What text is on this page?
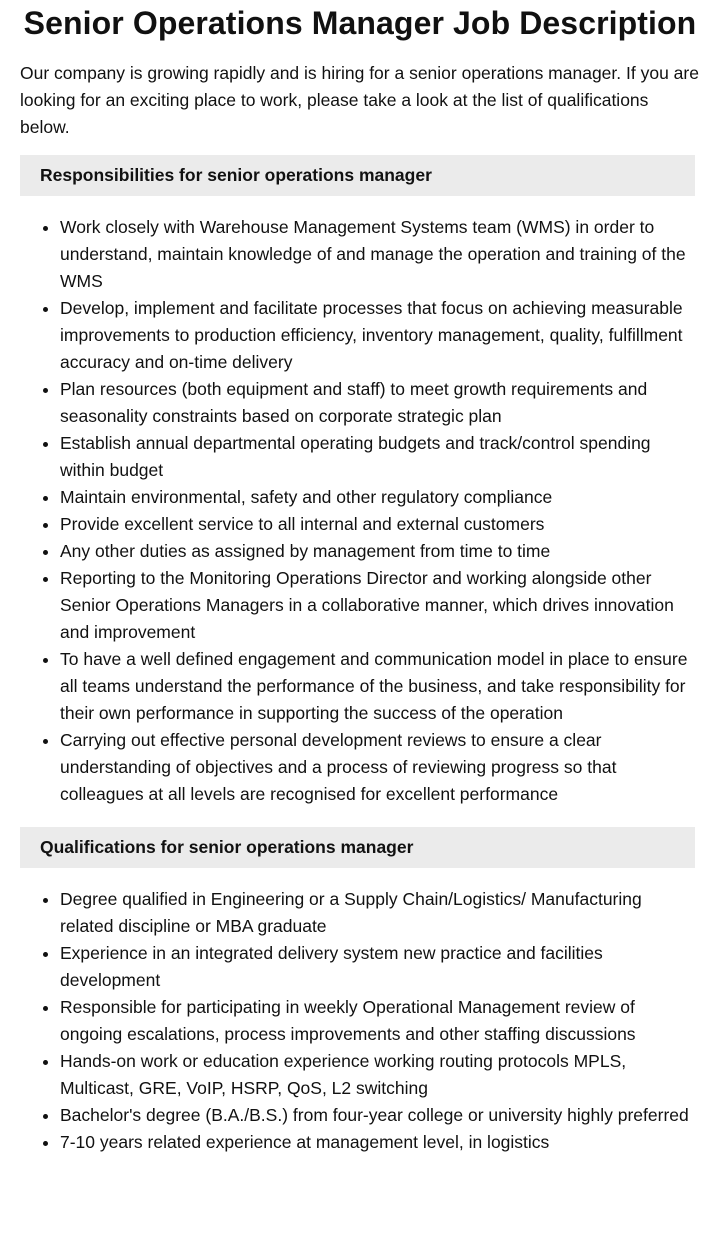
Senior Operations Manager Job Description

Our company is growing rapidly and is hiring for a senior operations manager. If you are looking for an exciting place to work, please take a look at the list of qualifications below.

Responsibilities for senior operations manager
• Work closely with Warehouse Management Systems team (WMS) in order to understand, maintain knowledge of and manage the operation and training of the WMS
• Develop, implement and facilitate processes that focus on achieving measurable improvements to production efficiency, inventory management, quality, fulfillment accuracy and on-time delivery
• Plan resources (both equipment and staff) to meet growth requirements and seasonality constraints based on corporate strategic plan
• Establish annual departmental operating budgets and track/control spending within budget
• Maintain environmental, safety and other regulatory compliance
• Provide excellent service to all internal and external customers
• Any other duties as assigned by management from time to time
• Reporting to the Monitoring Operations Director and working alongside other Senior Operations Managers in a collaborative manner, which drives innovation and improvement
• To have a well defined engagement and communication model in place to ensure all teams understand the performance of the business, and take responsibility for their own performance in supporting the success of the operation
• Carrying out effective personal development reviews to ensure a clear understanding of objectives and a process of reviewing progress so that colleagues at all levels are recognised for excellent performance
Qualifications for senior operations manager
• Degree qualified in Engineering or a Supply Chain/Logistics/ Manufacturing related discipline or MBA graduate
• Experience in an integrated delivery system new practice and facilities development
• Responsible for participating in weekly Operational Management review of ongoing escalations, process improvements and other staffing discussions
• Hands-on work or education experience working routing protocols MPLS, Multicast, GRE, VoIP, HSRP, QoS, L2 switching
• Bachelor's degree (B.A./B.S.) from four-year college or university highly preferred
• 7-10 years related experience at management level, in logistics
